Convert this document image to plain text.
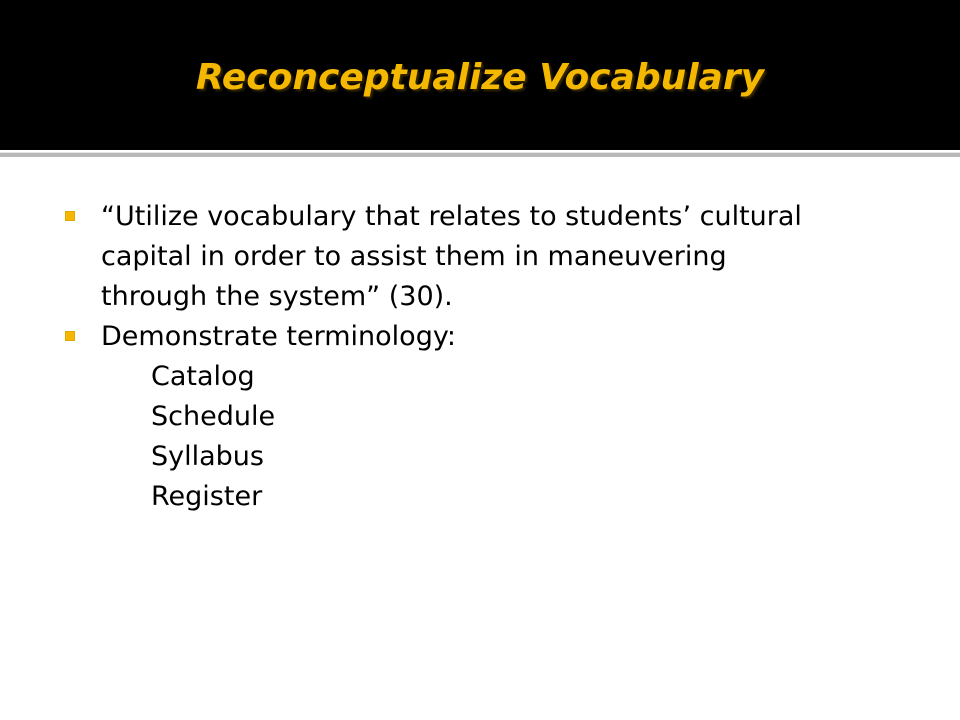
Reconceptualize Vocabulary
“Utilize vocabulary that relates to students’ cultural
capital in order to assist them in maneuvering
through the system” (30).
Demonstrate terminology:
Catalog
Schedule
Syllabus
Register
